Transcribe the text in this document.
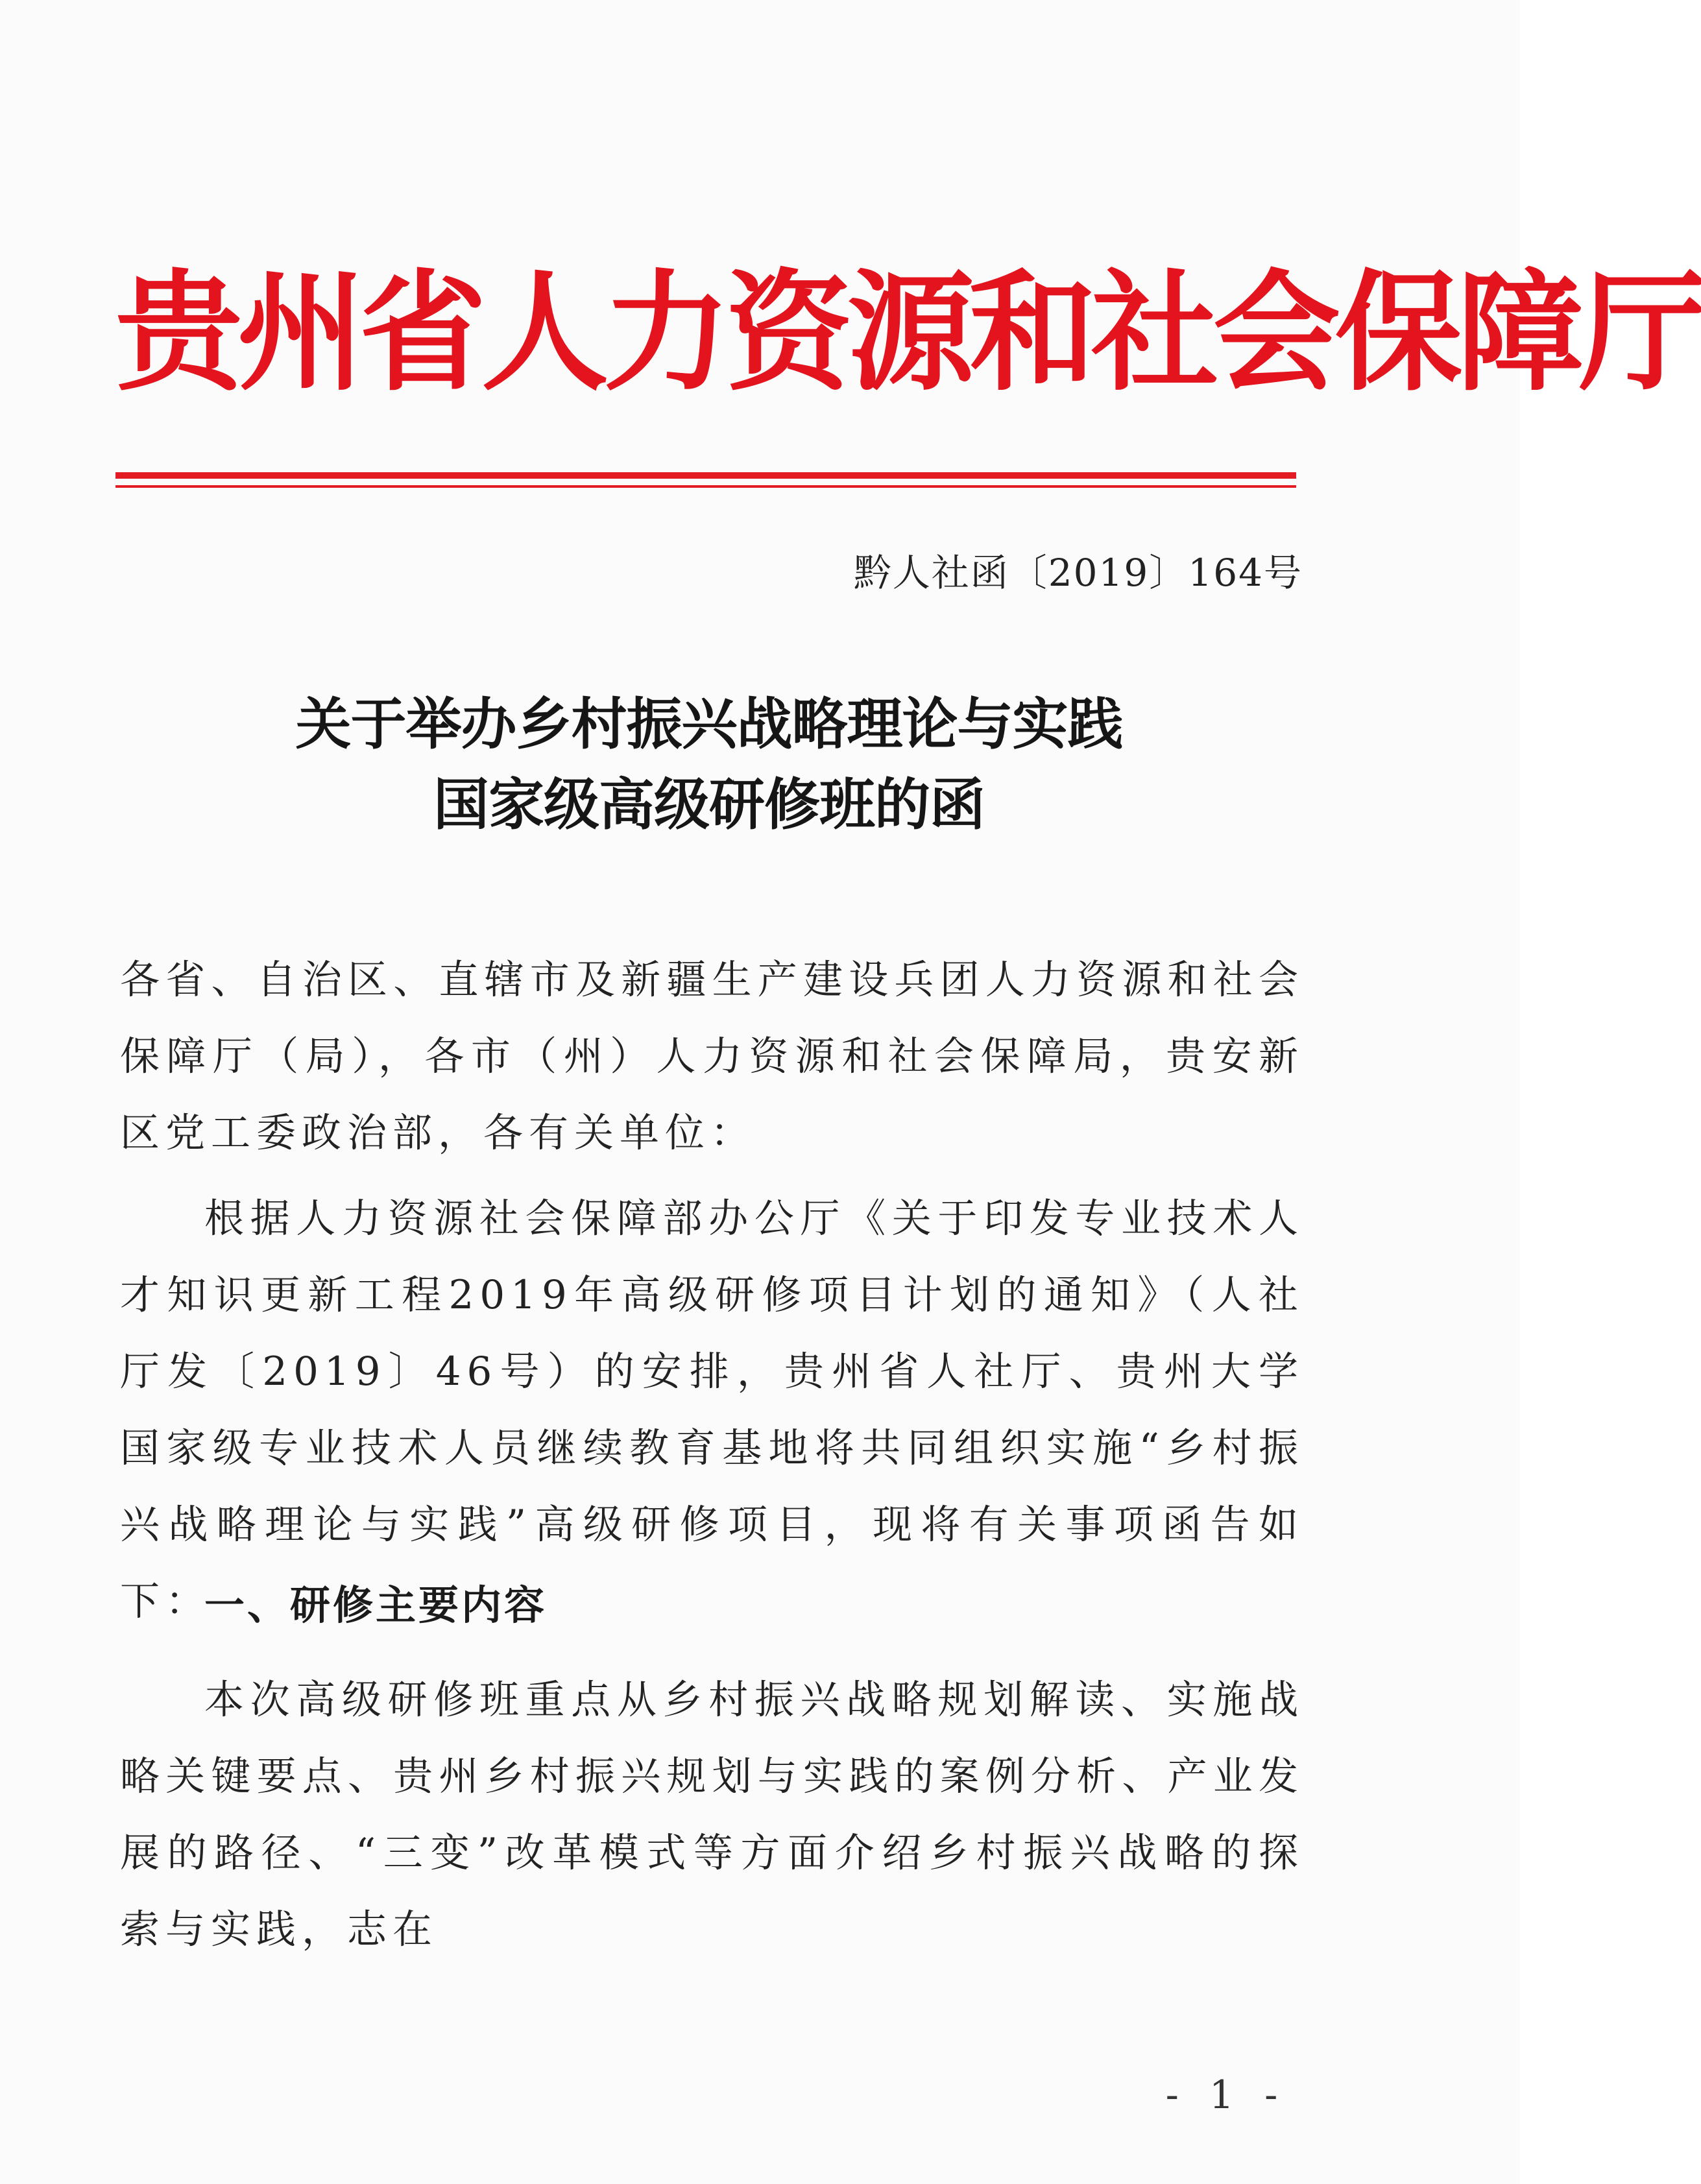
贵州省人力资源和社会保障厅
黔人社函〔2019〕164号
关于举办乡村振兴战略理论与实践
国家级高级研修班的函
各省、自治区、直辖市及新疆生产建设兵团人力资源和社会保障厅（局），各市（州）人力资源和社会保障局，贵安新区党工委政治部，各有关单位：
根据人力资源社会保障部办公厅《关于印发专业技术人才知识更新工程2019年高级研修项目计划的通知》（人社厅发〔2019〕46号）的安排，贵州省人社厅、贵州大学国家级专业技术人员继续教育基地将共同组织实施“乡村振兴战略理论与实践”高级研修项目，现将有关事项函告如下：
一、研修主要内容
本次高级研修班重点从乡村振兴战略规划解读、实施战略关键要点、贵州乡村振兴规划与实践的案例分析、产业发展的路径、“三变”改革模式等方面介绍乡村振兴战略的探索与实践，志在
- 1 -
